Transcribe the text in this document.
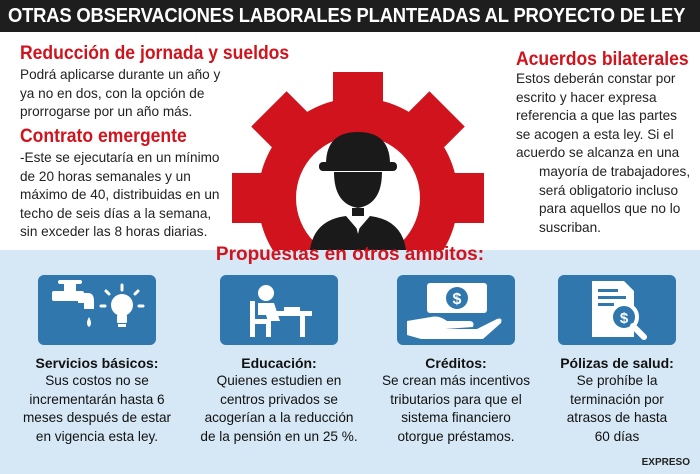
OTRAS OBSERVACIONES LABORALES PLANTEADAS AL PROYECTO DE LEY
Reducción de jornada y sueldos
Podrá aplicarse durante un año y
ya no en dos, con la opción de
prorrogarse por un año más.
Contrato emergente
-Este se ejecutaría en un mínimo
de 20 horas semanales y un
máximo de 40, distribuidas en un
techo de seis días a la semana,
sin exceder las 8 horas diarias.
Acuerdos bilaterales
Estos deberán constar por
escrito y hacer expresa
referencia a que las partes
se acogen a esta ley. Si el
acuerdo se alcanza en una
mayoría de trabajadores,
será obligatorio incluso
para aquellos que no lo
suscriban.
Propuestas en otros ámbitos:
$
$
Servicios básicos:
Sus costos no se
incrementarán hasta 6
meses después de estar
en vigencia esta ley.
Educación:
Quienes estudien en
centros privados se
acogerían a la reducción
de la pensión en un 25 %.
Créditos:
Se crean más incentivos
tributarios para que el
sistema financiero
otorgue préstamos.
Pólizas de salud:
Se prohíbe la
terminación por
atrasos de hasta
60 días
EXPRESO
